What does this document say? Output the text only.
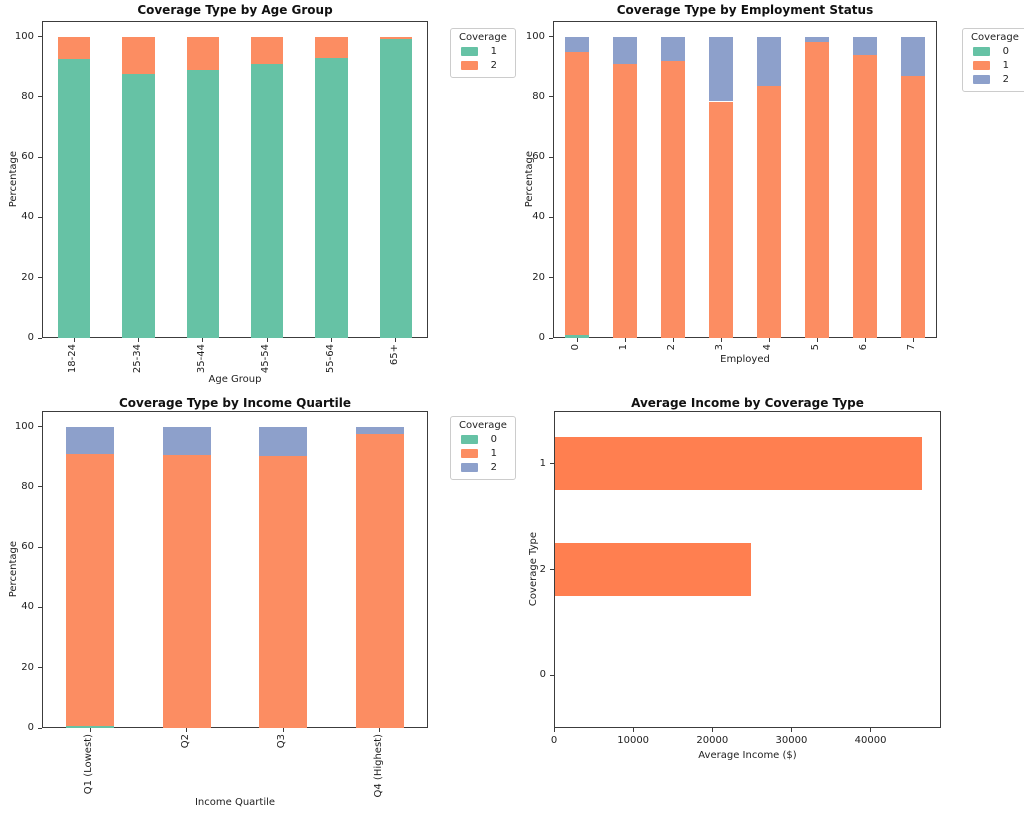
Coverage Type by Age Group
Percentage
Age Group
0
20
40
60
80
100
18-24	25-34	35-44	45-54	55-64	65+
Coverage
1
2
Coverage Type by Employment Status
Percentage
Employed
0
20
40
60
80
100
0	1	2	3	4	5	6	7
Coverage
0
1
2
Coverage Type by Income Quartile
Percentage
Income Quartile
0
20
40
60
80
100
Q1 (Lowest)	Q2	Q3	Q4 (Highest)
Coverage
0
1
2
Average Income by Coverage Type
Coverage Type
Average Income ($)
0	10000	20000	30000	40000
1
2
0
